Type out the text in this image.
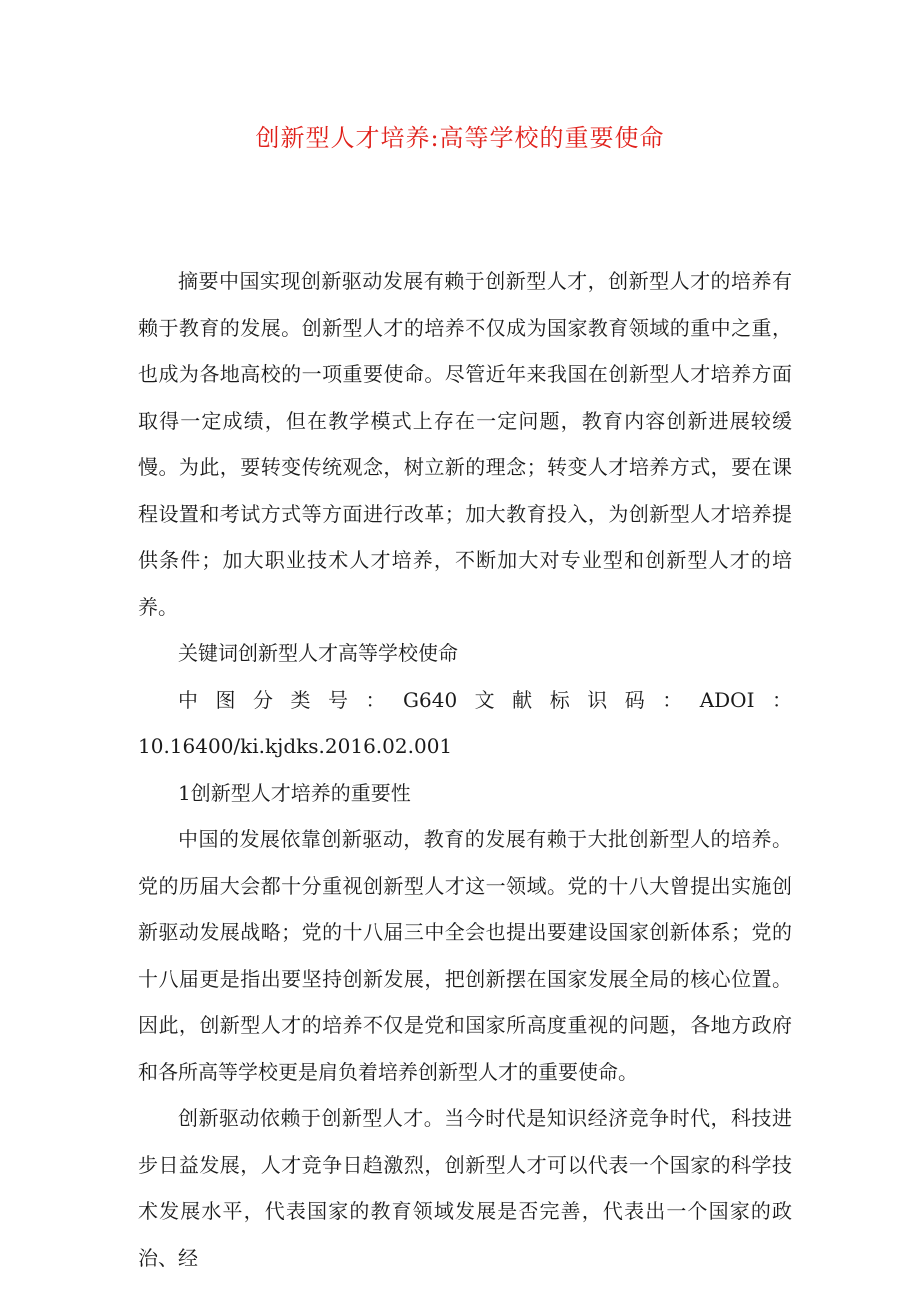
创新型人才培养:高等学校的重要使命

摘要中国实现创新驱动发展有赖于创新型人才，创新型人才的培养有赖于教育的发展。创新型人才的培养不仅成为国家教育领域的重中之重，也成为各地高校的一项重要使命。尽管近年来我国在创新型人才培养方面取得一定成绩，但在教学模式上存在一定问题，教育内容创新进展较缓慢。为此，要转变传统观念，树立新的理念；转变人才培养方式，要在课程设置和考试方式等方面进行改革；加大教育投入，为创新型人才培养提供条件；加大职业技术人才培养，不断加大对专业型和创新型人才的培养。

关键词创新型人才高等学校使命

中图分类号：G640文献标识码：ADOI：10.16400/ki.kjdks.2016.02.001

1创新型人才培养的重要性

中国的发展依靠创新驱动，教育的发展有赖于大批创新型人的培养。党的历届大会都十分重视创新型人才这一领域。党的十八大曾提出实施创新驱动发展战略；党的十八届三中全会也提出要建设国家创新体系；党的十八届更是指出要坚持创新发展，把创新摆在国家发展全局的核心位置。因此，创新型人才的培养不仅是党和国家所高度重视的问题，各地方政府和各所高等学校更是肩负着培养创新型人才的重要使命。

创新驱动依赖于创新型人才。当今时代是知识经济竞争时代，科技进步日益发展，人才竞争日趋激烈，创新型人才可以代表一个国家的科学技术发展水平，代表国家的教育领域发展是否完善，代表出一个国家的政治、经
